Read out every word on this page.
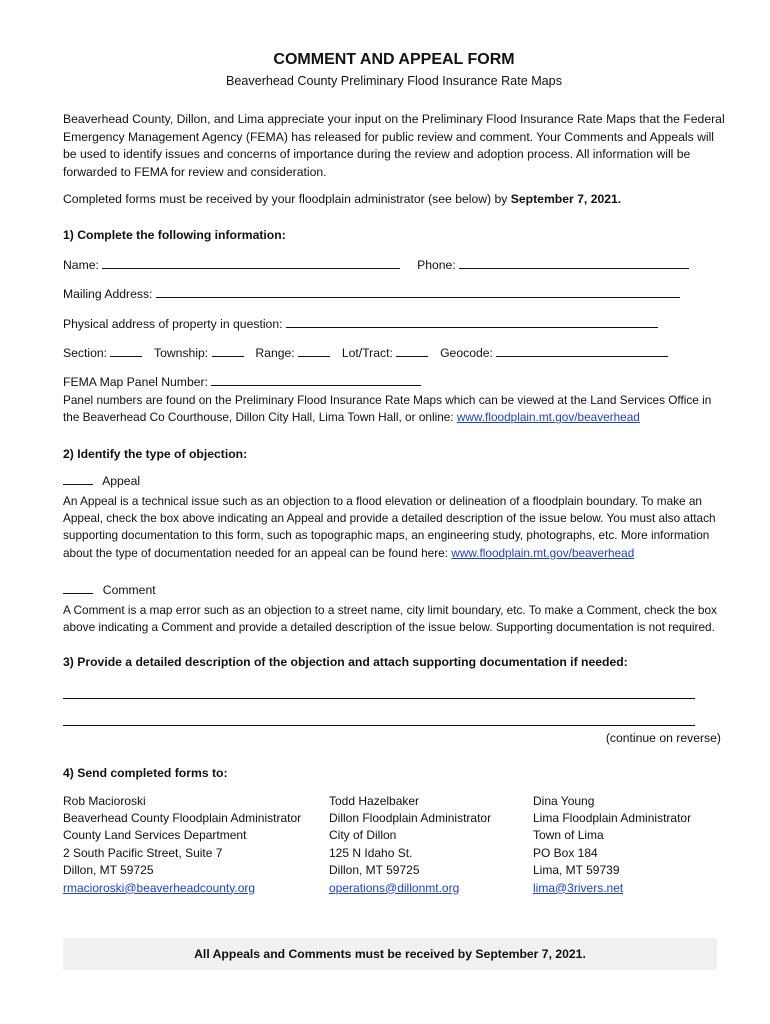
COMMENT AND APPEAL FORM
Beaverhead County Preliminary Flood Insurance Rate Maps

Beaverhead County, Dillon, and Lima appreciate your input on the Preliminary Flood Insurance Rate Maps that the Federal Emergency Management Agency (FEMA) has released for public review and comment. Your Comments and Appeals will be used to identify issues and concerns of importance during the review and adoption process. All information will be forwarded to FEMA for review and consideration.

Completed forms must be received by your floodplain administrator (see below) by September 7, 2021.

1) Complete the following information:
Name:	Phone:
Mailing Address:
Physical address of property in question:
Section:	Township:	Range:	Lot/Tract:	Geocode:
FEMA Map Panel Number:

Panel numbers are found on the Preliminary Flood Insurance Rate Maps which can be viewed at the Land Services Office in the Beaverhead Co Courthouse, Dillon City Hall, Lima Town Hall, or online: www.floodplain.mt.gov/beaverhead

2) Identify the type of objection:
Appeal

An Appeal is a technical issue such as an objection to a flood elevation or delineation of a floodplain boundary. To make an Appeal, check the box above indicating an Appeal and provide a detailed description of the issue below. You must also attach supporting documentation to this form, such as topographic maps, an engineering study, photographs, etc. More information about the type of documentation needed for an appeal can be found here: www.floodplain.mt.gov/beaverhead

Comment

A Comment is a map error such as an objection to a street name, city limit boundary, etc. To make a Comment, check the box above indicating a Comment and provide a detailed description of the issue below. Supporting documentation is not required.

3) Provide a detailed description of the objection and attach supporting documentation if needed:
(continue on reverse)
4) Send completed forms to:
Rob Macioroski
Beaverhead County Floodplain Administrator
County Land Services Department
2 South Pacific Street, Suite 7
Dillon, MT 59725
rmacioroski@beaverheadcounty.org
Todd Hazelbaker
Dillon Floodplain Administrator
City of Dillon
125 N Idaho St.
Dillon, MT 59725
operations@dillonmt.org
Dina Young
Lima Floodplain Administrator
Town of Lima
PO Box 184
Lima, MT 59739
lima@3rivers.net
All Appeals and Comments must be received by September 7, 2021.
